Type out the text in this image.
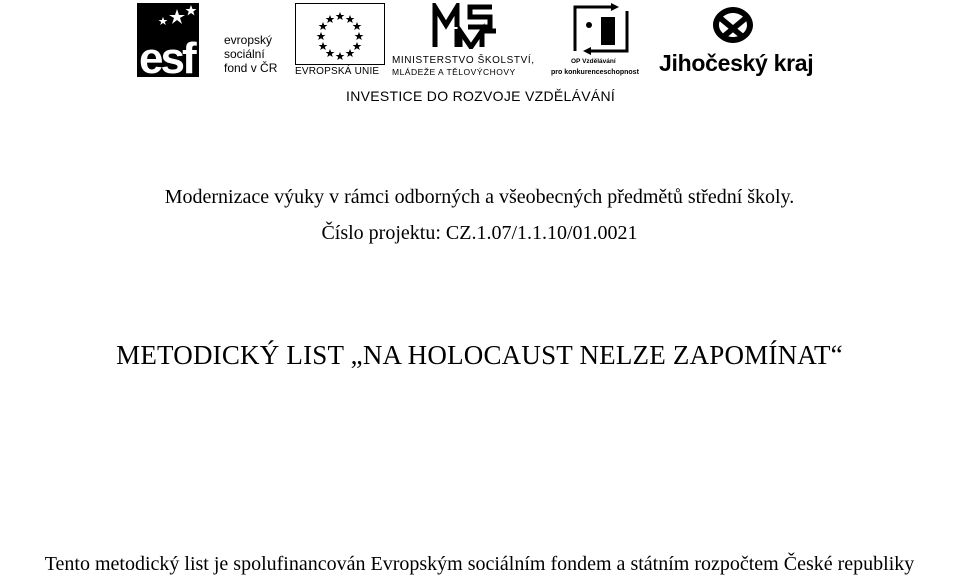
esf	evropský
sociální
fond v ČR EVROPSKÁ UNIE
MINISTERSTVO ŠKOLSTVÍ,
MLÁDEŽE A TĚLOVÝCHOVY
OP Vzdělávání
pro konkurenceschopnost Jihočeský kraj
INVESTICE DO ROZVOJE VZDĚLÁVÁNÍ
Modernizace výuky v rámci odborných a všeobecných předmětů střední školy.
Číslo projektu: CZ.1.07/1.1.10/01.0021
METODICKÝ LIST „NA HOLOCAUST NELZE ZAPOMÍNAT“
Tento metodický list je spolufinancován Evropským sociálním fondem a státním rozpočtem České republiky
